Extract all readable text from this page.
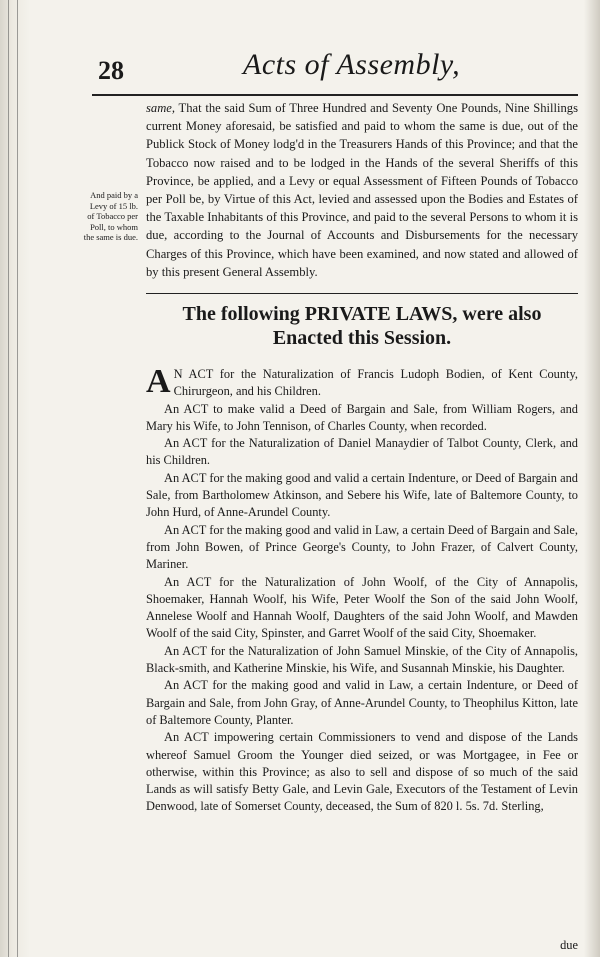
28	Acts of Assembly,
And paid by a Levy of 15 lb. of Tobacco per Poll, to whom the same is due.
same, That the said Sum of Three Hundred and Seventy One Pounds, Nine Shillings current Money aforesaid, be satisfied and paid to whom the same is due, out of the Publick Stock of Money lodg'd in the Treasurers Hands of this Province; and that the Tobacco now raised and to be lodged in the Hands of the several Sheriffs of this Province, be applied, and a Levy or equal Assessment of Fifteen Pounds of Tobacco per Poll be, by Virtue of this Act, levied and assessed upon the Bodies and Estates of the Taxable Inhabitants of this Province, and paid to the several Persons to whom it is due, according to the Journal of Accounts and Disbursements for the necessary Charges of this Province, which have been examined, and now stated and allowed of by this present General Assembly.
The following PRIVATE LAWS, were also
Enacted this Session.

A N ACT for the Naturalization of Francis Ludoph Bodien, of Kent County, Chirurgeon, and his Children.

An ACT to make valid a Deed of Bargain and Sale, from William Rogers, and Mary his Wife, to John Tennison, of Charles County, when recorded.

An ACT for the Naturalization of Daniel Manaydier of Talbot County, Clerk, and his Children.

An ACT for the making good and valid a certain Indenture, or Deed of Bargain and Sale, from Bartholomew Atkinson, and Sebere his Wife, late of Baltemore County, to John Hurd, of Anne-Arundel County.

An ACT for the making good and valid in Law, a certain Deed of Bargain and Sale, from John Bowen, of Prince George's County, to John Frazer, of Calvert County, Mariner.

An ACT for the Naturalization of John Woolf, of the City of Annapolis, Shoemaker, Hannah Woolf, his Wife, Peter Woolf the Son of the said John Woolf, Annelese Woolf and Hannah Woolf, Daughters of the said John Woolf, and Mawden Woolf of the said City, Spinster, and Garret Woolf of the said City, Shoemaker.

An ACT for the Naturalization of John Samuel Minskie, of the City of Annapolis, Black-smith, and Katherine Minskie, his Wife, and Susannah Minskie, his Daughter.

An ACT for the making good and valid in Law, a certain Indenture, or Deed of Bargain and Sale, from John Gray, of Anne-Arundel County, to Theophilus Kitton, late of Baltemore County, Planter.

An ACT impowering certain Commissioners to vend and dispose of the Lands whereof Samuel Groom the Younger died seized, or was Mortgagee, in Fee or otherwise, within this Province; as also to sell and dispose of so much of the said Lands as will satisfy Betty Gale, and Levin Gale, Executors of the Testament of Levin Denwood, late of Somerset County, deceased, the Sum of 820 l. 5s. 7d. Sterling,

due
